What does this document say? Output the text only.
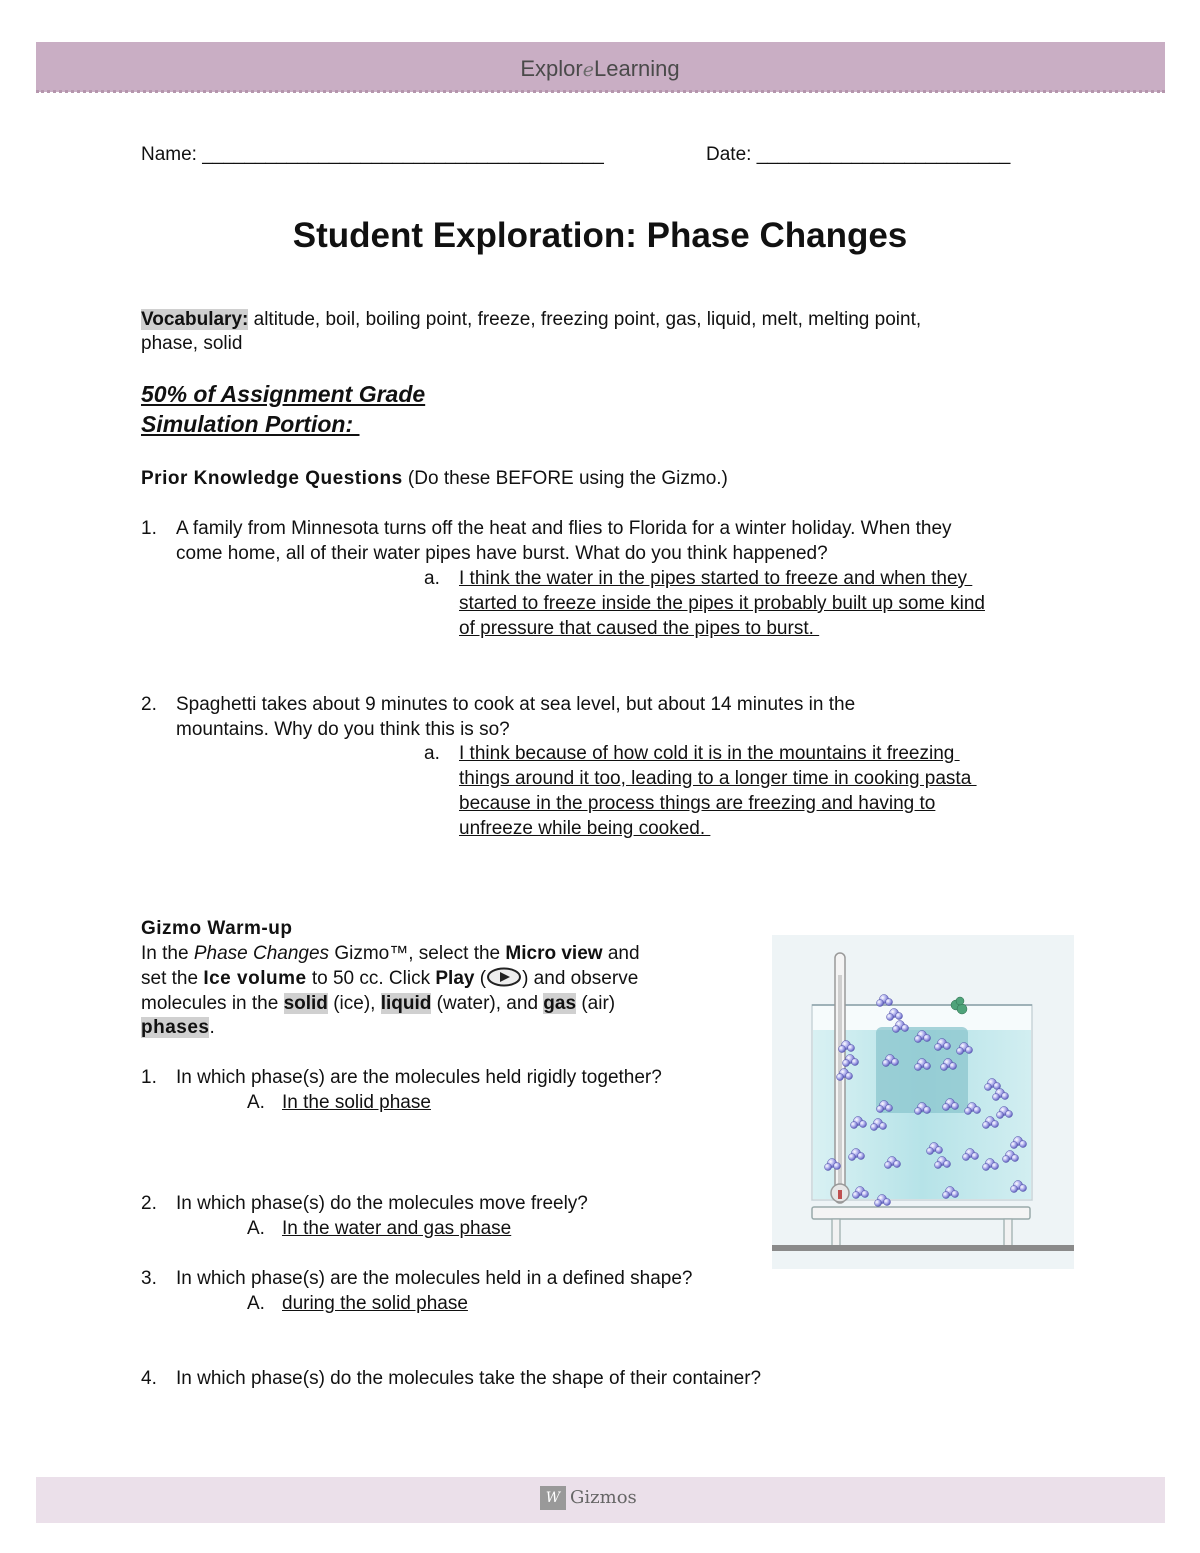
ExploreLearning
Name: ______________________________________	Date: ________________________
Student Exploration: Phase Changes
Vocabulary: altitude, boil, boiling point, freeze, freezing point, gas, liquid, melt, melting point,
phase, solid
50% of Assignment Grade
Simulation Portion:
Prior Knowledge Questions (Do these BEFORE using the Gizmo.)
1. A family from Minnesota turns off the heat and flies to Florida for a winter holiday. When they
come home, all of their water pipes have burst. What do you think happened?
a. I think the water in the pipes started to freeze and when they
started to freeze inside the pipes it probably built up some kind
of pressure that caused the pipes to burst.
2. Spaghetti takes about 9 minutes to cook at sea level, but about 14 minutes in the
mountains. Why do you think this is so?
a. I think because of how cold it is in the mountains it freezing
things around it too, leading to a longer time in cooking pasta
because in the process things are freezing and having to
unfreeze while being cooked.
Gizmo Warm-up
In the Phase Changes Gizmo™, select the Micro view and
set the Ice volume to 50 cc. Click Play ( ) and observe
molecules in the solid (ice), liquid (water), and gas (air)
phases.
1. In which phase(s) are the molecules held rigidly together?
A. In the solid phase
2. In which phase(s) do the molecules move freely?
A. In the water and gas phase
3. In which phase(s) are the molecules held in a defined shape?
A. during the solid phase
4. In which phase(s) do the molecules take the shape of their container?
W Gizmos
